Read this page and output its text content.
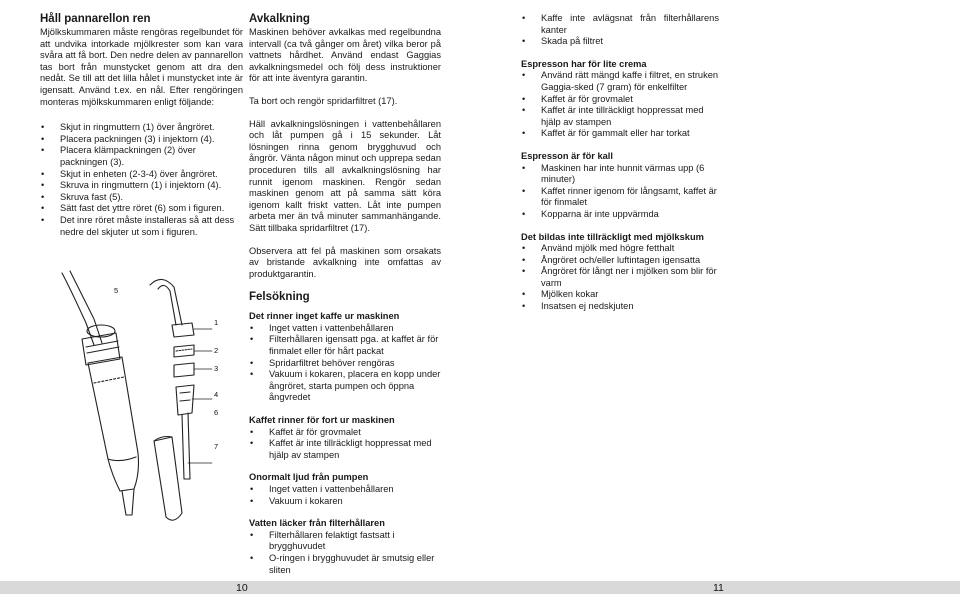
Håll pannarellon ren

Mjölkskummaren måste rengöras regelbundet för att undvika intorkade mjölkrester som kan vara svåra att få bort. Den nedre delen av pannarellon tas bort från munstycket genom att dra den nedåt. Se till att det lilla hålet i munstycket inte är igensatt. Använd t.ex. en nål. Efter rengöringen monteras mjölkskummaren enligt följande:

• Skjut in ringmuttern (1) över ångröret.
• Placera packningen (3) i injektorn (4).
• Placera klämpackningen (2) över packningen (3).
• Skjut in enheten (2-3-4) över ångröret.
• Skruva in ringmuttern (1) i injektorn (4).
• Skruva fast (5).
• Sätt fast det yttre röret (6) som i figuren.
• Det inre röret måste installeras så att dess nedre del skjuter ut som i figuren.
5
1
2
3
4
6
7
Avkalkning

Maskinen behöver avkalkas med regelbundna intervall (ca två gånger om året) vilka beror på vattnets hårdhet. Använd endast Gaggias avkalkningsmedel och följ dess instruktioner för att inte äventyra garantin.

Ta bort och rengör spridarfiltret (17).

Häll avkalkningslösningen i vattenbehållaren och låt pumpen gå i 15 sekunder. Låt lösningen rinna genom brygghuvud och ångrör. Vänta någon minut och upprepa sedan proceduren tills all avkalkningslösning har runnit igenom maskinen. Rengör sedan maskinen genom att på samma sätt köra igenom kallt friskt vatten. Låt inte pumpen arbeta mer än två minuter sammanhängande. Sätt tillbaka spridarfiltret (17).

Observera att fel på maskinen som orsakats av bristande avkalkning inte omfattas av produktgarantin.

Felsökning
Det rinner inget kaffe ur maskinen
• Inget vatten i vattenbehållaren
• Filterhållaren igensatt pga. at kaffet är för finmalet eller för hårt packat
• Spridarfiltret behöver rengöras
• Vakuum i kokaren, placera en kopp under ångröret, starta pumpen och öppna ångvredet
Kaffet rinner för fort ur maskinen
• Kaffet är för grovmalet
• Kaffet är inte tillräckligt hoppressat med hjälp av stampen
Onormalt ljud från pumpen
• Inget vatten i vattenbehållaren
• Vakuum i kokaren
Vatten läcker från filterhållaren
• Filterhållaren felaktigt fastsatt i brygghuvudet
• O-ringen i brygghuvudet är smutsig eller sliten
• Kaffe inte avlägsnat från filterhållarens kanter
• Skada på filtret
Espresson har för lite crema
• Använd rätt mängd kaffe i filtret, en struken Gaggia-sked (7 gram) för enkelfilter
• Kaffet är för grovmalet
• Kaffet är inte tillräckligt hoppressat med hjälp av stampen
• Kaffet är för gammalt eller har torkat
Espresson är för kall
• Maskinen har inte hunnit värmas upp (6 minuter)
• Kaffet rinner igenom för långsamt, kaffet är för finmalet
• Kopparna är inte uppvärmda
Det bildas inte tillräckligt med mjölkskum
• Använd mjölk med högre fetthalt
• Ångröret och/eller luftintagen igensatta
• Ångröret för långt ner i mjölken som blir för varm
• Mjölken kokar
• Insatsen ej nedskjuten
10	11
